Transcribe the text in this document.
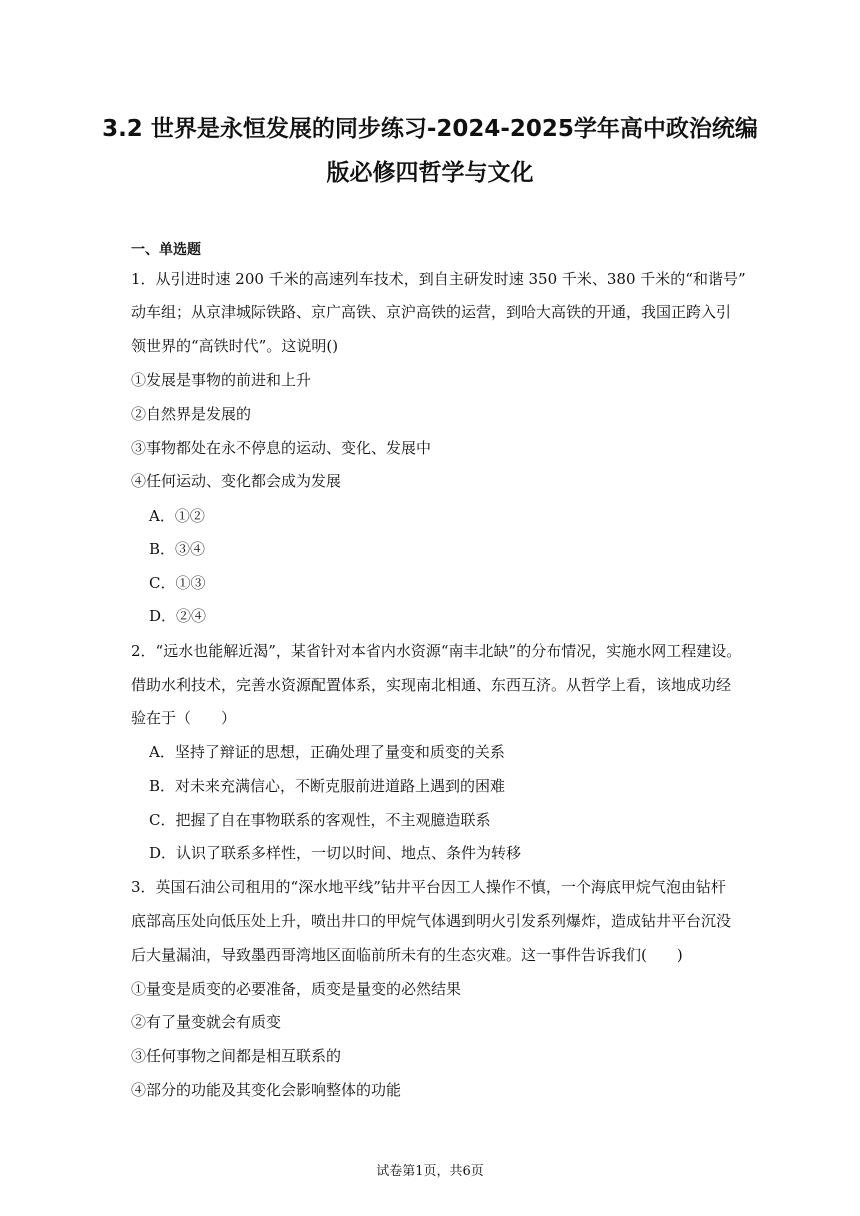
3.2 世界是永恒发展的同步练习-2024-2025学年高中政治统编
版必修四哲学与文化
一、单选题
1．从引进时速 200 千米的高速列车技术，到自主研发时速 350 千米、380 千米的“和谐号”
动车组；从京津城际铁路、京广高铁、京沪高铁的运营，到哈大高铁的开通，我国正跨入引
领世界的“高铁时代”。这说明()
①发展是事物的前进和上升
②自然界是发展的
③事物都处在永不停息的运动、变化、发展中
④任何运动、变化都会成为发展
A．①②
B．③④
C．①③
D．②④
2．“远水也能解近渴”，某省针对本省内水资源“南丰北缺”的分布情况，实施水网工程建设。
借助水利技术，完善水资源配置体系，实现南北相通、东西互济。从哲学上看，该地成功经
验在于（　　）
A．坚持了辩证的思想，正确处理了量变和质变的关系
B．对未来充满信心，不断克服前进道路上遇到的困难
C．把握了自在事物联系的客观性，不主观臆造联系
D．认识了联系多样性，一切以时间、地点、条件为转移
3．英国石油公司租用的“深水地平线”钻井平台因工人操作不慎，一个海底甲烷气泡由钻杆
底部高压处向低压处上升，喷出井口的甲烷气体遇到明火引发系列爆炸，造成钻井平台沉没
后大量漏油，导致墨西哥湾地区面临前所未有的生态灾难。这一事件告诉我们(　　)
①量变是质变的必要准备，质变是量变的必然结果
②有了量变就会有质变
③任何事物之间都是相互联系的
④部分的功能及其变化会影响整体的功能
试卷第1页，共6页
